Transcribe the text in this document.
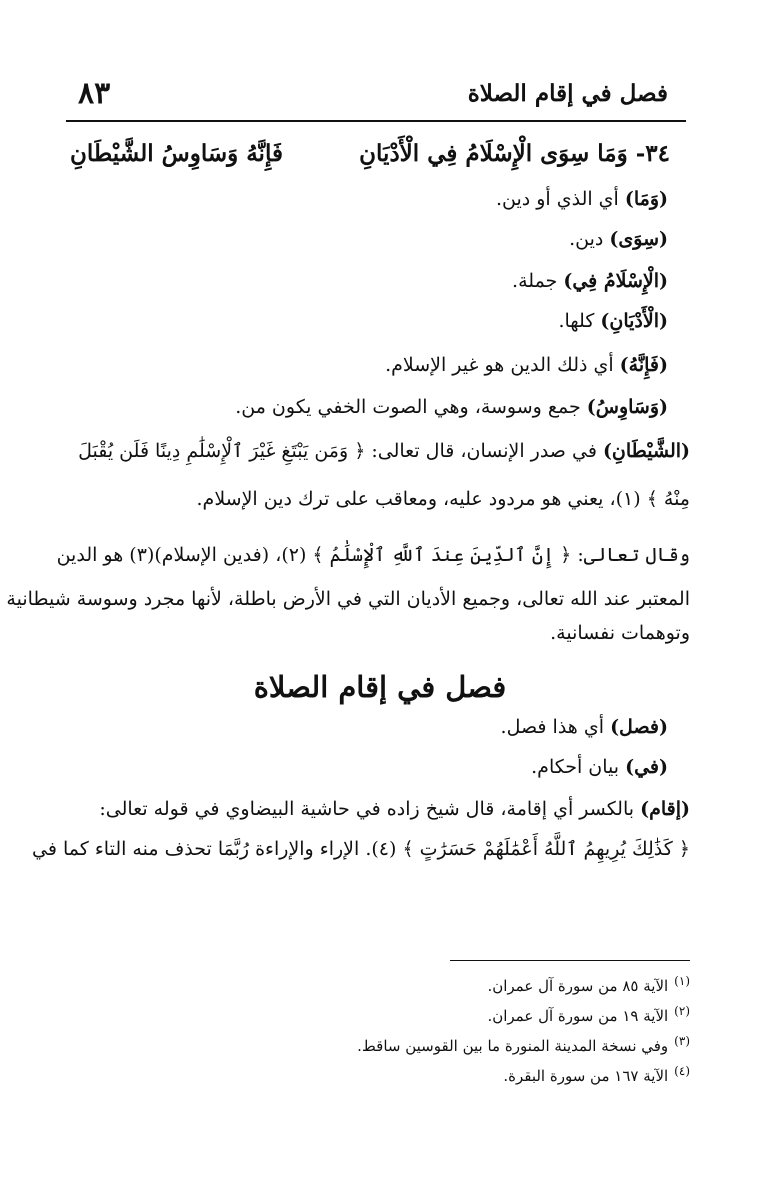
فصل في إقام الصلاة
٨٣
٣٤- وَمَا سِوَى الْإِسْلَامُ فِي الْأَدْيَانِ
فَإِنَّهُ وَسَاوِسُ الشَّيْطَانِ
(وَمَا) أي الذي أو دين.
(سِوَى) دين.
(الْإِسْلَامُ فِي) جملة.
(الْأَدْيَانِ) كلها.
(فَإِنَّهُ) أي ذلك الدين هو غير الإسلام.
(وَسَاوِسُ) جمع وسوسة، وهي الصوت الخفي يكون من.
(الشَّيْطَانِ) في صدر الإنسان، قال تعالى: ﴿ وَمَن يَبْتَغِ غَيْرَ ٱلْإِسْلَٰمِ دِينًا فَلَن يُقْبَلَ
مِنْهُ ﴾ (١)، يعني هو مردود عليه، ومعاقب على ترك دين الإسلام.
وقال تعالى: ﴿ إِنَّ ٱلدِّينَ عِندَ ٱللَّهِ ٱلْإِسْلَٰمُ ﴾ (٢)، (فدين الإسلام)(٣) هو الدين
المعتبر عند الله تعالى، وجميع الأديان التي في الأرض باطلة، لأنها مجرد وسوسة شيطانية
وتوهمات نفسانية.
فصل في إقام الصلاة
(فصل) أي هذا فصل.
(في) بيان أحكام.
(إقام) بالكسر أي إقامة، قال شيخ زاده في حاشية البيضاوي في قوله تعالى:
﴿ كَذَٰلِكَ يُرِيهِمُ ٱللَّهُ أَعْمَٰلَهُمْ حَسَرَٰتٍ ﴾ (٤). الإراء والإراءة رُبَّمَا تحذف منه التاء كما في
$^{(١)}$الآية ٨٥ من سورة آل عمران.
$^{(٢)}$الآية ١٩ من سورة آل عمران.
$^{(٣)}$وفي نسخة المدينة المنورة ما بين القوسين ساقط.
$^{(٤)}$الآية ١٦٧ من سورة البقرة.
